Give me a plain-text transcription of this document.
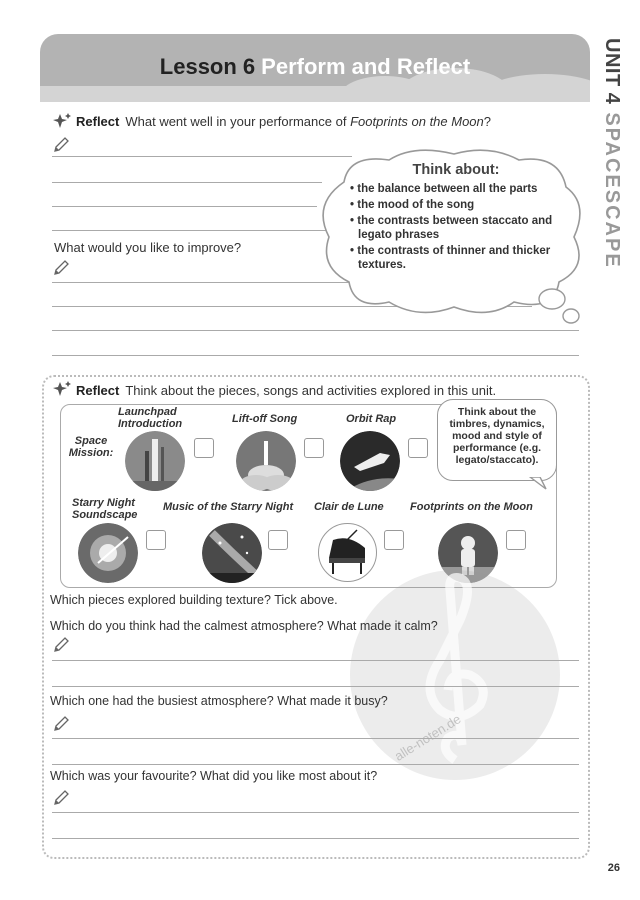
Lesson 6 Perform and Reflect	UNIT 4SPACESCAPE
Reflect What went well in your performance of Footprints on the Moon?
What would you like to improve?
Think about:
• the balance between all the parts
• the mood of the song
• the contrasts between staccato and legato phrases
• the contrasts of thinner and thicker textures.
Reflect Think about the pieces, songs and activities explored in this unit.
Space Mission:
Launchpad Introduction	Lift-off Song	Orbit Rap
Think about the timbres, dynamics, mood and style of performance (e.g. legato/staccato).
Starry Night Soundscape
Music of the Starry Night Clair de Lune Footprints on the Moon
alle-noten.de
Which pieces explored building texture? Tick above.
Which do you think had the calmest atmosphere? What made it calm?
Which one had the busiest atmosphere? What made it busy?
Which was your favourite? What did you like most about it?
26
